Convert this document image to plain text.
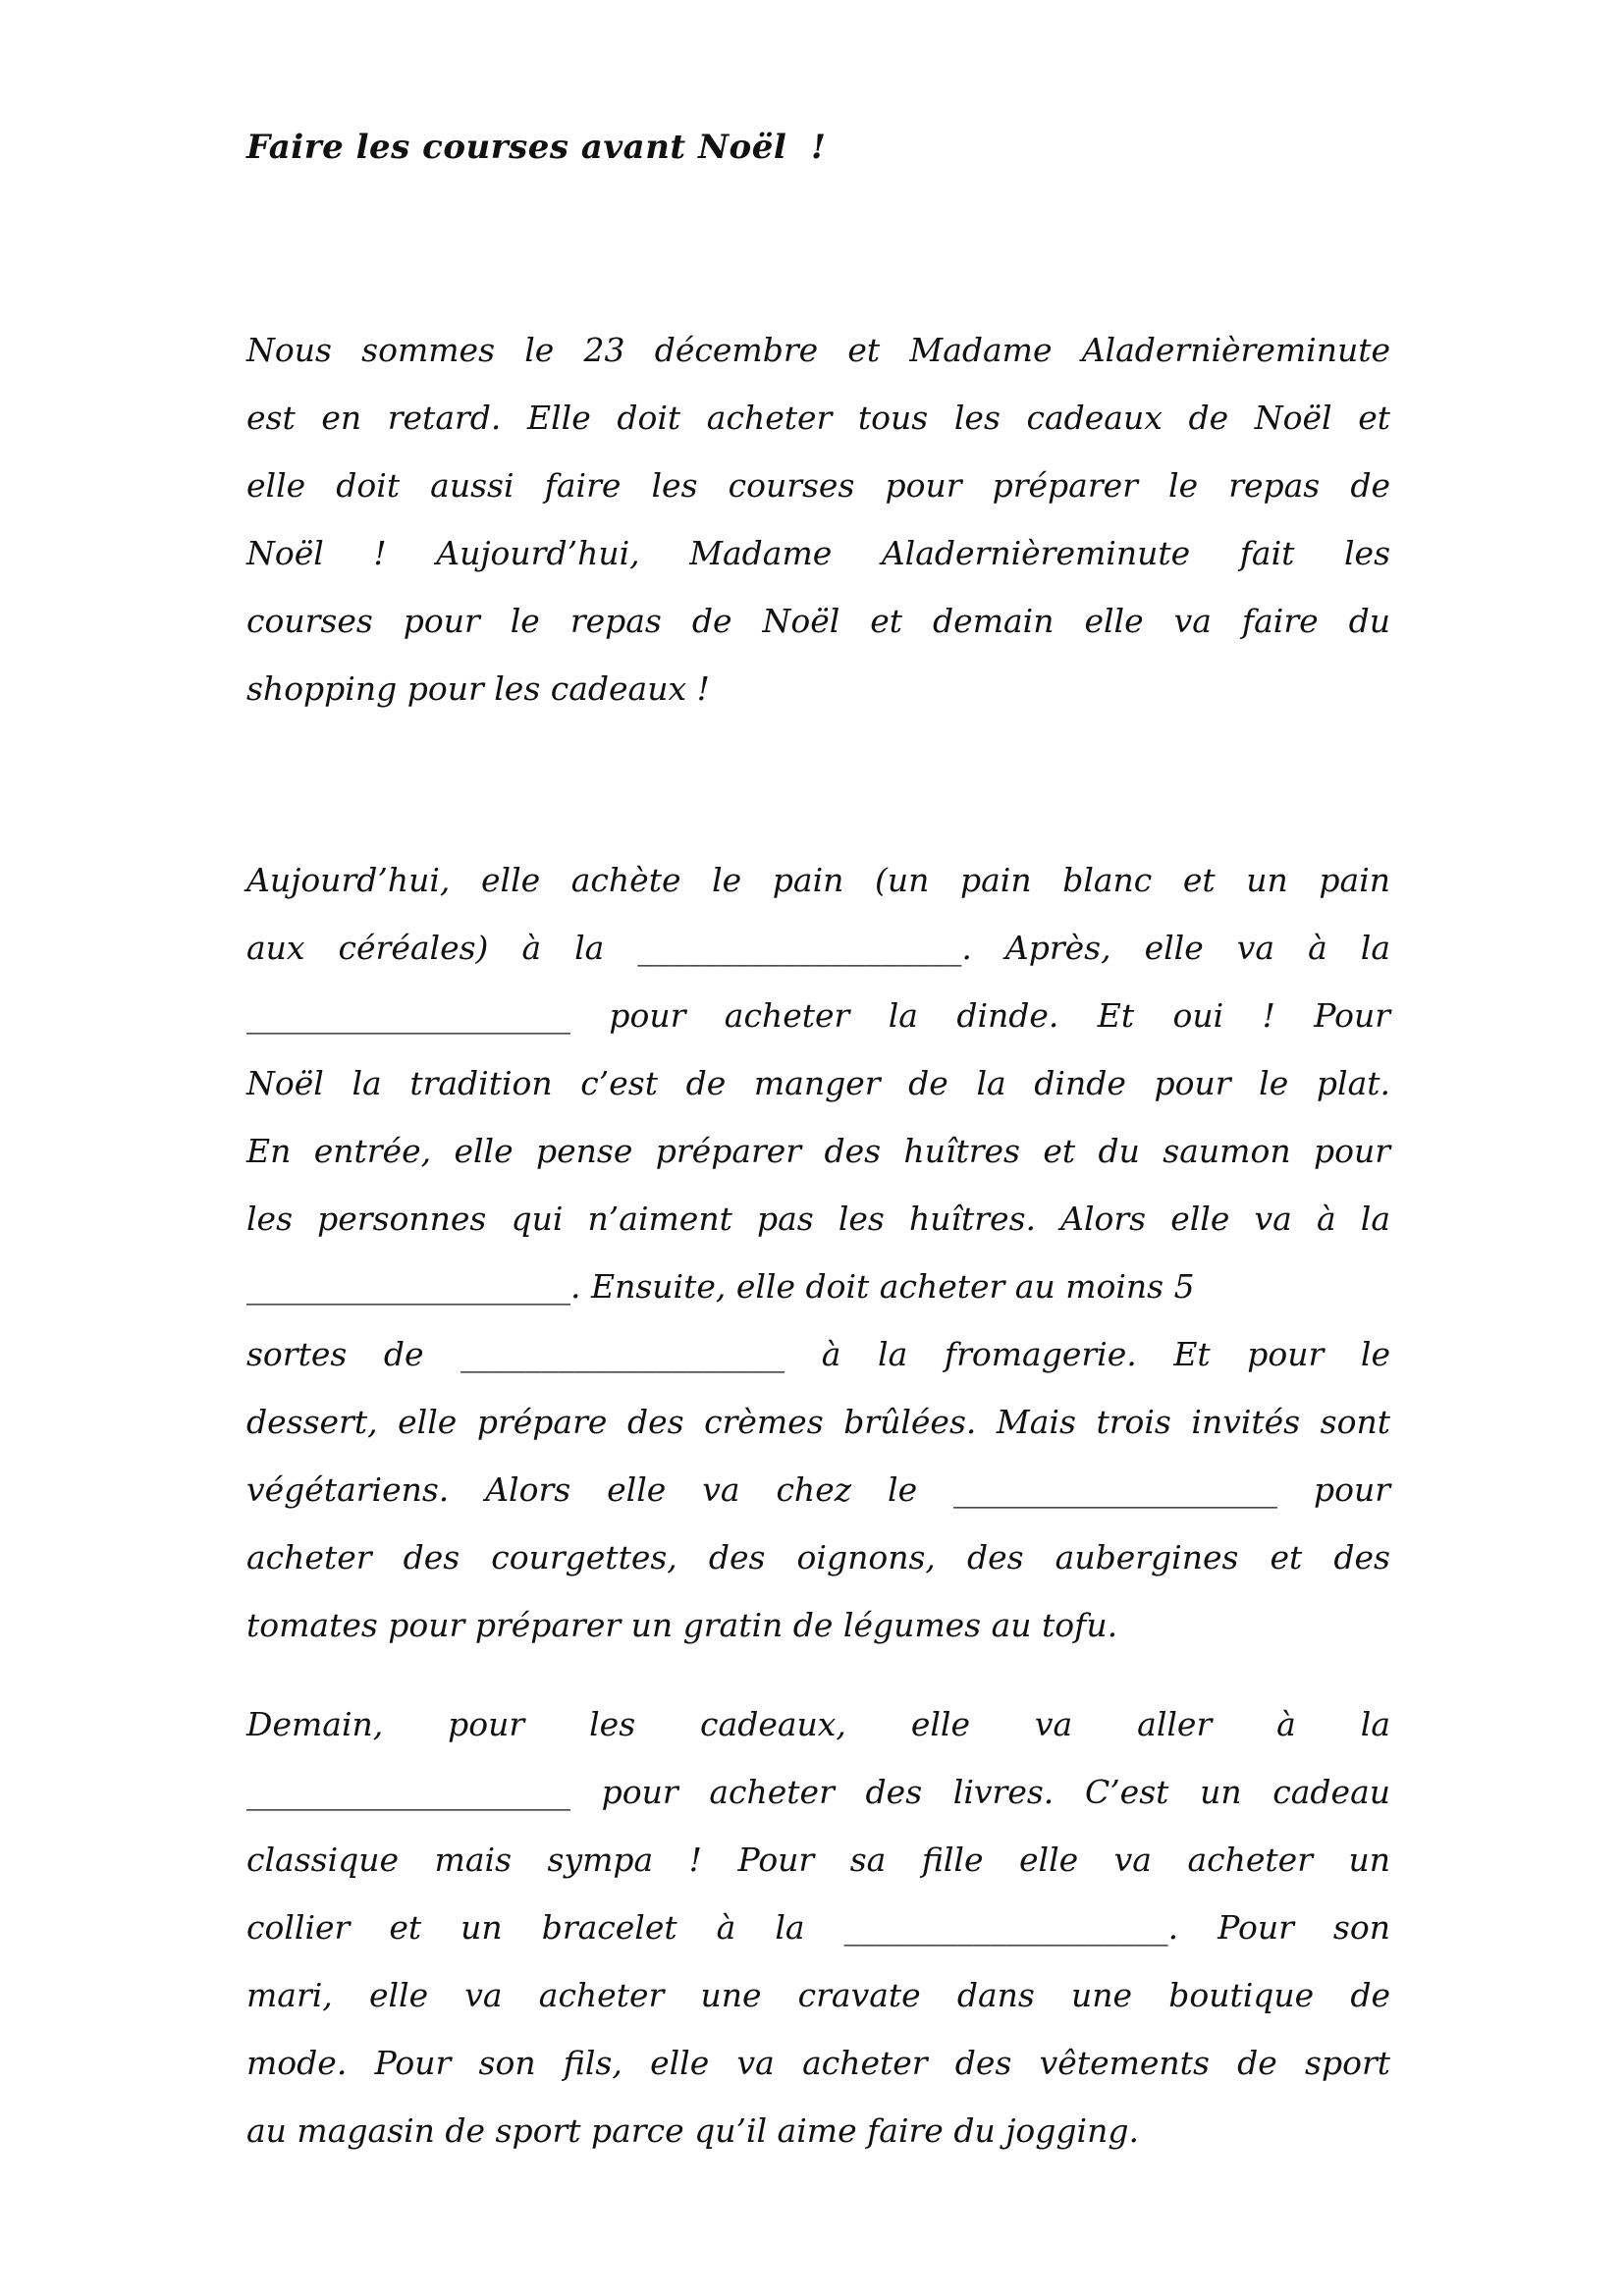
Faire les courses avant Noël  !
Nous sommes le 23 décembre et Madame Aladernièreminute
est en retard. Elle doit acheter tous les cadeaux de Noël et
elle doit aussi faire les courses pour préparer le repas de
Noël ! Aujourd’hui, Madame Aladernièreminute fait les
courses pour le repas de Noël et demain elle va faire du
shopping pour les cadeaux !
Aujourd’hui, elle achète le pain (un pain blanc et un pain
aux céréales) à la ____________________. Après, elle va à la
____________________ pour acheter la dinde. Et oui ! Pour
Noël la tradition c’est de manger de la dinde pour le plat.
En entrée, elle pense préparer des huîtres et du saumon pour
les personnes qui n’aiment pas les huîtres. Alors elle va à la
____________________. Ensuite, elle doit acheter au moins 5
sortes de ____________________ à la fromagerie. Et pour le
dessert, elle prépare des crèmes brûlées. Mais trois invités sont
végétariens. Alors elle va chez le ____________________ pour
acheter des courgettes, des oignons, des aubergines et des
tomates pour préparer un gratin de légumes au tofu.
Demain, pour les cadeaux, elle va aller à la
____________________ pour acheter des livres. C’est un cadeau
classique mais sympa ! Pour sa fille elle va acheter un
collier et un bracelet à la ____________________. Pour son
mari, elle va acheter une cravate dans une boutique de
mode. Pour son fils, elle va acheter des vêtements de sport
au magasin de sport parce qu’il aime faire du jogging.
